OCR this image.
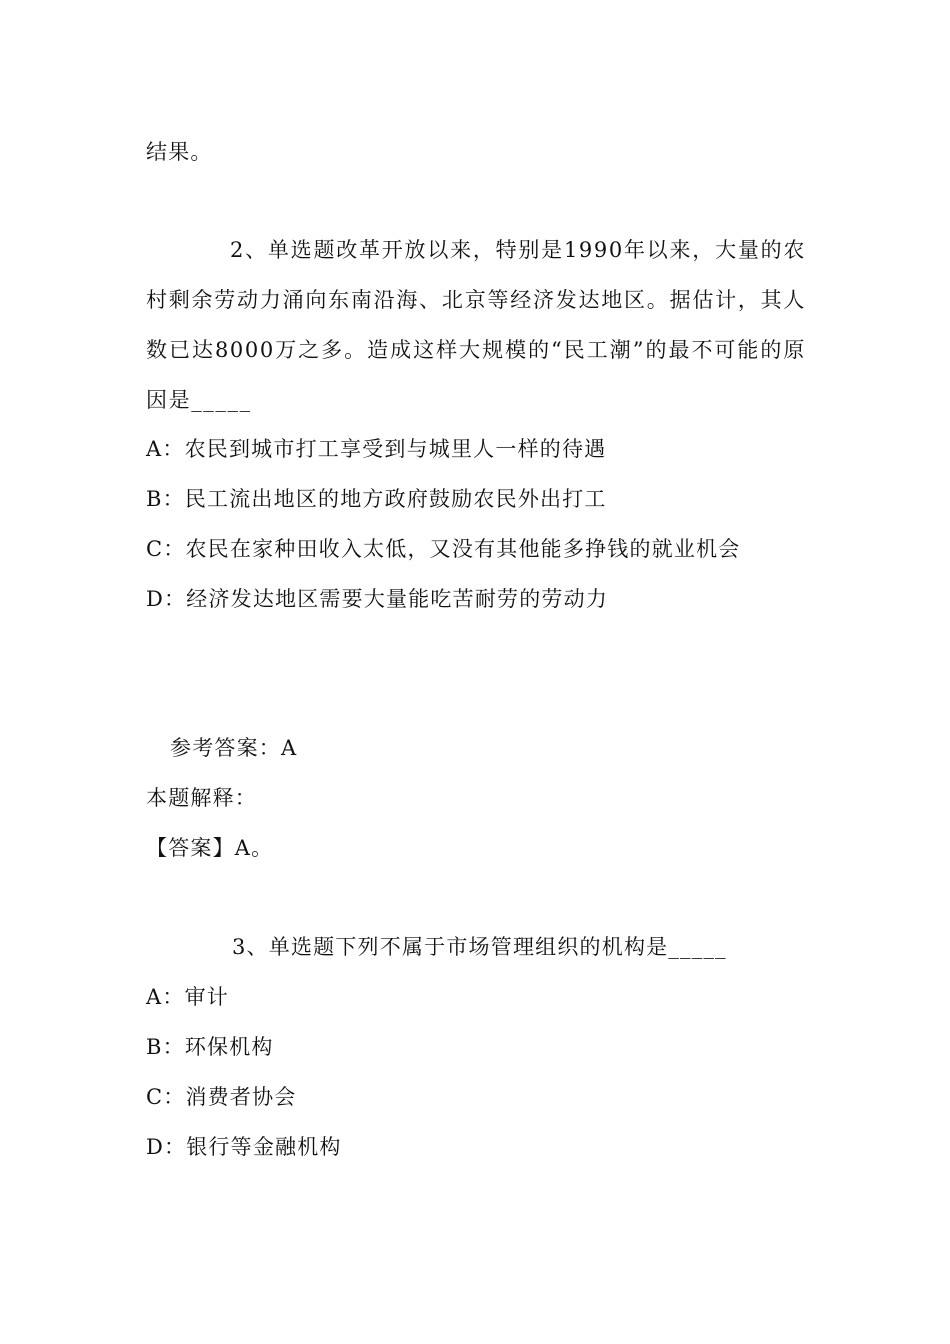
结果。
2、单选题改革开放以来，特别是1990年以来，大量的农村剩余劳动力涌向东南沿海、北京等经济发达地区。据估计，其人数已达8000万之多。造成这样大规模的“民工潮”的最不可能的原因是_____
A：农民到城市打工享受到与城里人一样的待遇
B：民工流出地区的地方政府鼓励农民外出打工
C：农民在家种田收入太低，又没有其他能多挣钱的就业机会
D：经济发达地区需要大量能吃苦耐劳的劳动力
参考答案：A
本题解释：
【答案】A。
3、单选题下列不属于市场管理组织的机构是_____
A：审计
B：环保机构
C：消费者协会
D：银行等金融机构
